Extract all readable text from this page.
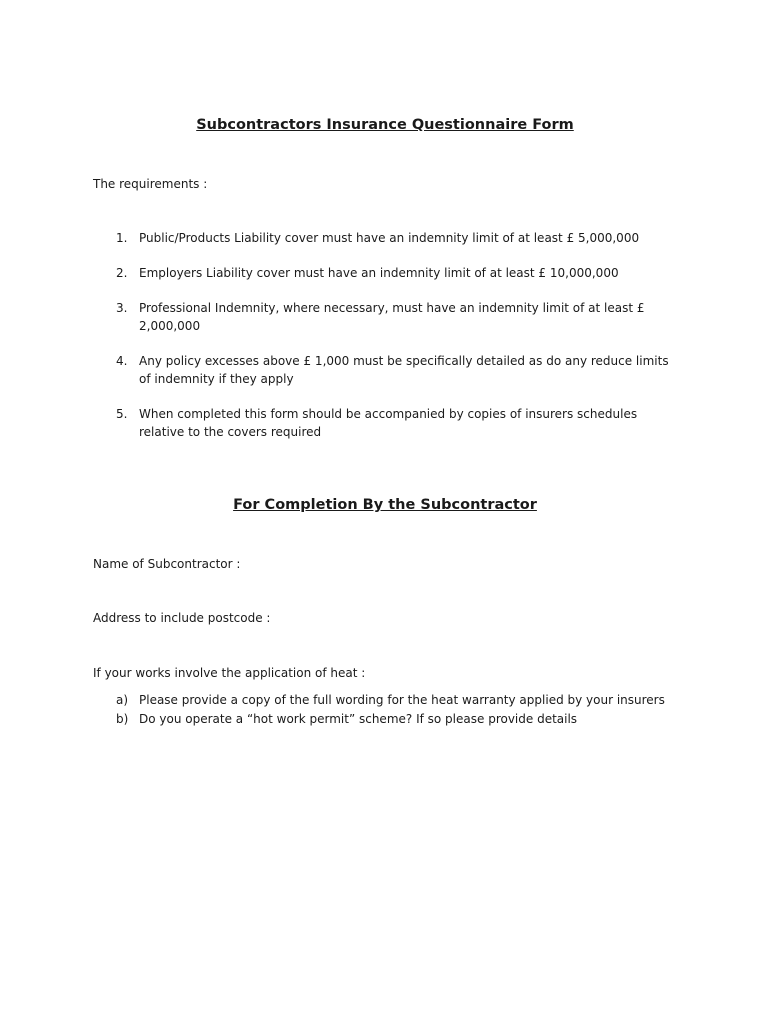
Subcontractors Insurance Questionnaire Form

The requirements :

1. Public/Products Liability cover must have an indemnity limit of at least £ 5,000,000
2. Employers Liability cover must have an indemnity limit of at least £ 10,000,000
3. Professional Indemnity, where necessary, must have an indemnity limit of at least £ 2,000,000
4. Any policy excesses above £ 1,000 must be specifically detailed as do any reduce limits of indemnity if they apply
5. When completed this form should be accompanied by copies of insurers schedules relative to the covers required
For Completion By the Subcontractor

Name of Subcontractor :

Address to include postcode :

If your works involve the application of heat :

a) Please provide a copy of the full wording for the heat warranty applied by your insurers
b) Do you operate a “hot work permit” scheme? If so please provide details
